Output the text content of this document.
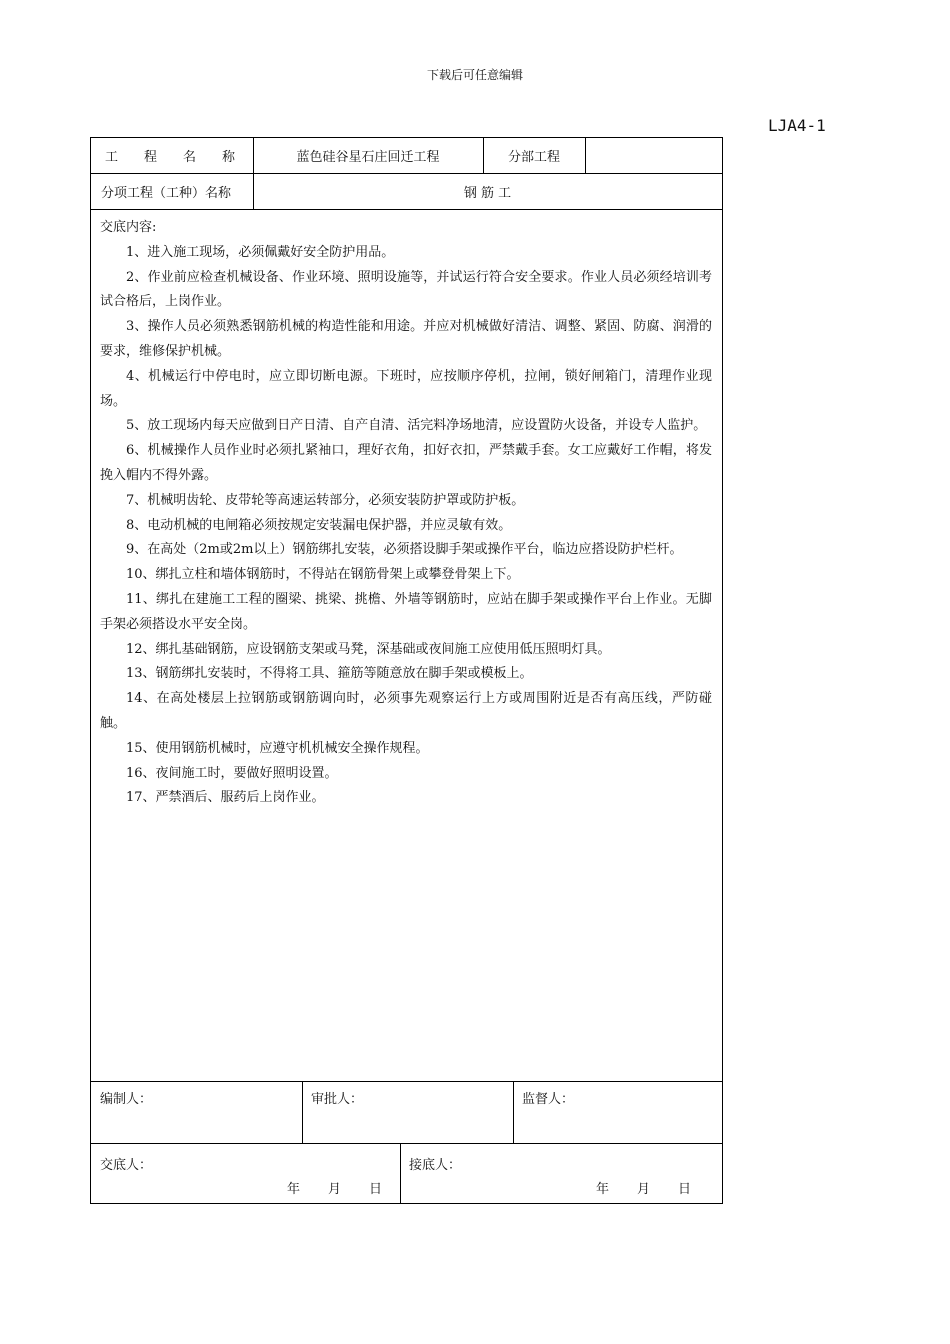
下载后可任意编辑
LJA4-1
工　　程　　名　　称	蓝色硅谷星石庄回迁工程	分部工程
分项工程（工种）名称	钢 筋 工

交底内容:

1、进入施工现场，必须佩戴好安全防护用品。

2、作业前应检查机械设备、作业环境、照明设施等，并试运行符合安全要求。作业人员必须经培训考试合格后，上岗作业。

3、操作人员必须熟悉钢筋机械的构造性能和用途。并应对机械做好清洁、调整、紧固、防腐、润滑的要求，维修保护机械。

4、机械运行中停电时，应立即切断电源。下班时，应按顺序停机，拉闸，锁好闸箱门，清理作业现场。

5、放工现场内每天应做到日产日清、自产自清、活完料净场地清，应设置防火设备，并设专人监护。

6、机械操作人员作业时必须扎紧袖口，理好衣角，扣好衣扣，严禁戴手套。女工应戴好工作帽，将发挽入帽内不得外露。

7、机械明齿轮、皮带轮等高速运转部分，必须安装防护罩或防护板。

8、电动机械的电闸箱必须按规定安装漏电保护器，并应灵敏有效。

9、在高处（2m或2m以上）钢筋绑扎安装，必须搭设脚手架或操作平台，临边应搭设防护栏杆。

10、绑扎立柱和墙体钢筋时，不得站在钢筋骨架上或攀登骨架上下。

11、绑扎在建施工工程的圈梁、挑梁、挑檐、外墙等钢筋时，应站在脚手架或操作平台上作业。无脚手架必须搭设水平安全岗。

12、绑扎基础钢筋，应设钢筋支架或马凳，深基础或夜间施工应使用低压照明灯具。

13、钢筋绑扎安装时，不得将工具、箍筋等随意放在脚手架或模板上。

14、在高处楼层上拉钢筋或钢筋调向时，必须事先观察运行上方或周围附近是否有高压线，严防碰触。

15、使用钢筋机械时，应遵守机机械安全操作规程。

16、夜间施工时，要做好照明设置。

17、严禁酒后、服药后上岗作业。

编制人：	审批人：	监督人：
交底人：
年 月 日
接底人：
年 月 日
